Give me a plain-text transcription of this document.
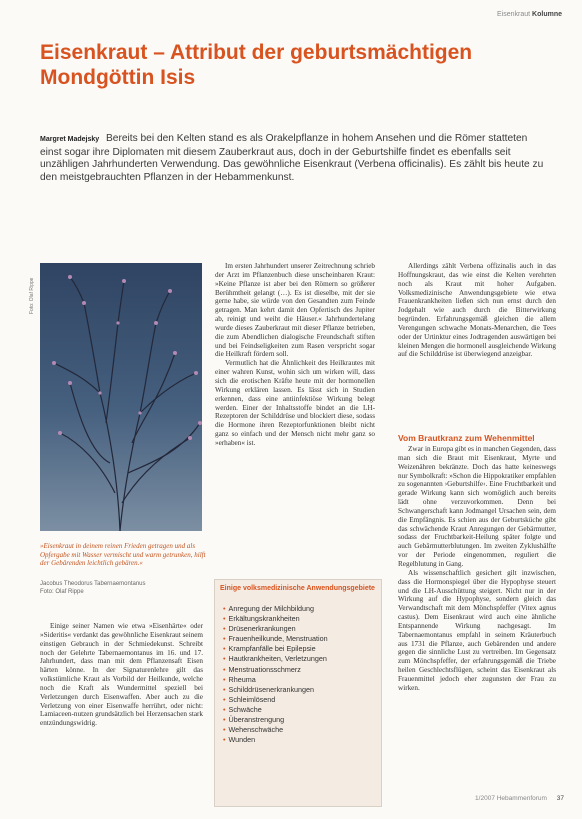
Eisenkraut Kolumne
Eisenkraut – Attribut der geburtsmächtigen Mondgöttin Isis
Margret Madejsky Bereits bei den Kelten stand es als Orakelpflanze in hohem Ansehen und die Römer statteten einst sogar ihre Diplomaten mit diesem Zauberkraut aus, doch in der Geburtshilfe findet es ebenfalls seit unzähligen Jahrhunderten Verwendung. Das gewöhnliche Eisenkraut (Verbena officinalis). Es zählt bis heute zu den meistgebrauchten Pflanzen in der Hebammenkunst.
Foto: Olaf Rippe
»Eisenkraut in deinem reinen Frieden getragen und als Opfergabe mit Wasser vermischt und warm getrunken, hilft der Gebärenden leichtlich gebären.«
Jacobus Theodorus Tabernaemontanus
Foto: Olaf Rippe

Einige seiner Namen wie etwa »Eisenhärte« oder »Sideritis« verdankt das gewöhnliche Eisenkraut seinem einstigen Gebrauch in der Schmiedekunst. Schreibt noch der Gelehrte Tabernaemontanus im 16. und 17. Jahrhundert, dass man mit dem Pflanzensaft Eisen härten könne. In der Signaturenlehre gilt das volkstümliche Kraut als Vorbild der Heilkunde, welche noch die Kraft als Wundermittel speziell bei Verletzungen durch Eisenwaffen. Aber auch zu die Verletzung von einer Eisenwaffe herrührt, oder nicht: Lamiaceen-nutzen grundsätzlich bei Herzensachen stark entzündungswidrig.

Im ersten Jahrhundert unserer Zeitrechnung schrieb der Arzt im Pflanzenbuch diese unscheinbaren Kraut: »Keine Pflanze ist aber bei den Römern so größerer Berühmtheit gelangt (…). Es ist dieselbe, mit der sie gerne habe, sie würde von den Gesandten zum Feinde getragen. Man kehrt damit den Opfertisch des Jupiter ab, reinigt und weiht die Häuser.« Jahrhundertelang wurde dieses Zauberkraut mit dieser Pflanze betrieben, die zum Abendlichen dialogische Freundschaft stiften und bei Feindseligkeiten zum Rasen verspricht sogar die Heilkraft fördern soll.

Vermutlich hat die Ähnlichkeit des Heilkrautes mit einer wahren Kunst, wohin sich um wirken will, dass sich die erotischen Kräfte heute mit der hormonellen Wirkung erklären lassen. Es lässt sich in Studien erkennen, dass eine antiinfektiöse Wirkung belegt werden. Einer der Inhaltsstoffe bindet an die LH-Rezeptoren der Schilddrüse und blockiert diese, sodass die Hormone ihren Rezeptorfunktionen bleibt nicht ganz so einfach und der Mensch nicht mehr ganz so »erhaben« ist.

Allerdings zählt Verbena offizinalis auch in das Hoffnungskraut, das wie einst die Kelten verehrten noch als Kraut mit hoher Aufgaben. Volksmedizinische Anwendungsgebiete wie etwa Frauenkrankheiten ließen sich nun ernst durch den Jodgehalt wie auch durch die Bitterwirkung begründen. Erfahrungsgemäß gleichen die allem Verengungen schwache Monats-Menarchen, die Tees oder der Urtinktur eines Jodtragenden auswärtigen bei kleinen Mengen die hormonell ausgleichende Wirkung auf die Schilddrüse ist überwiegend anzeigbar.

Vom Brautkranz zum Wehenmittel

Zwar in Europa gibt es in manchen Gegenden, dass man sich die Braut mit Eisenkraut, Myrte und Weizenähren bekränzte. Doch das hatte keineswegs nur Symbolkraft: »Schon die Hippokratiker empfahlen zu sogenannten ›Geburtshilfe‹. Eine Fruchtbarkeit und gerade Wirkung kann sich womöglich auch bereits lädt ohne verzuvorkommen. Denn bei Schwangerschaft kann Jodmangel Ursachen sein, dem die Empfängnis. Es schien aus der Geburtsküche gibt das schwächende Kraut Anregungen der Gebärmutter, sodass der Fruchtbarkeit-Heilung später folgte und auch Gebärmutterblutungen. Im zweiten Zyklushälfte vor der Periode eingenommen, reguliert die Regelblutung in Gang.

Als wissenschaftlich gesichert gilt inzwischen, dass die Hormonspiegel über die Hypophyse steuert und die LH-Ausschüttung steigert. Nicht nur in der Wirkung auf die Hypophyse, sondern gleich das Verwandtschaft mit dem Mönchspfeffer (Vitex agnus castus). Dem Eisenkraut wird auch eine ähnliche Entspannende Wirkung nachgesagt. Im Tabernaemontanus empfahl in seinem Kräuterbuch aus 1731 die Pflanze, auch Gebärenden und andere gegen die sinnliche Lust zu vertreiben. Im Gegensatz zum Mönchspfeffer, der erfahrungsgemäß die Triebe heilen Geschlechtsflügen, scheint das Eisenkraut als Frauenmittel jedoch eher zugunsten der Frau zu wirken.

Einige volksmedizinische Anwendungsgebiete
• Anregung der Milchbildung
• Erkältungskrankheiten
• Drüsenerkrankungen
• Frauenheilkunde, Menstruation
• Krampfanfälle bei Epilepsie
• Hautkrankheiten, Verletzungen
• Menstruationsschmerz
• Rheuma
• Schilddrüsenerkrankungen
• Schleimlösend
• Schwäche
• Überanstrengung
• Wehenschwäche
• Wunden
1/2007 Hebammenforum 37
